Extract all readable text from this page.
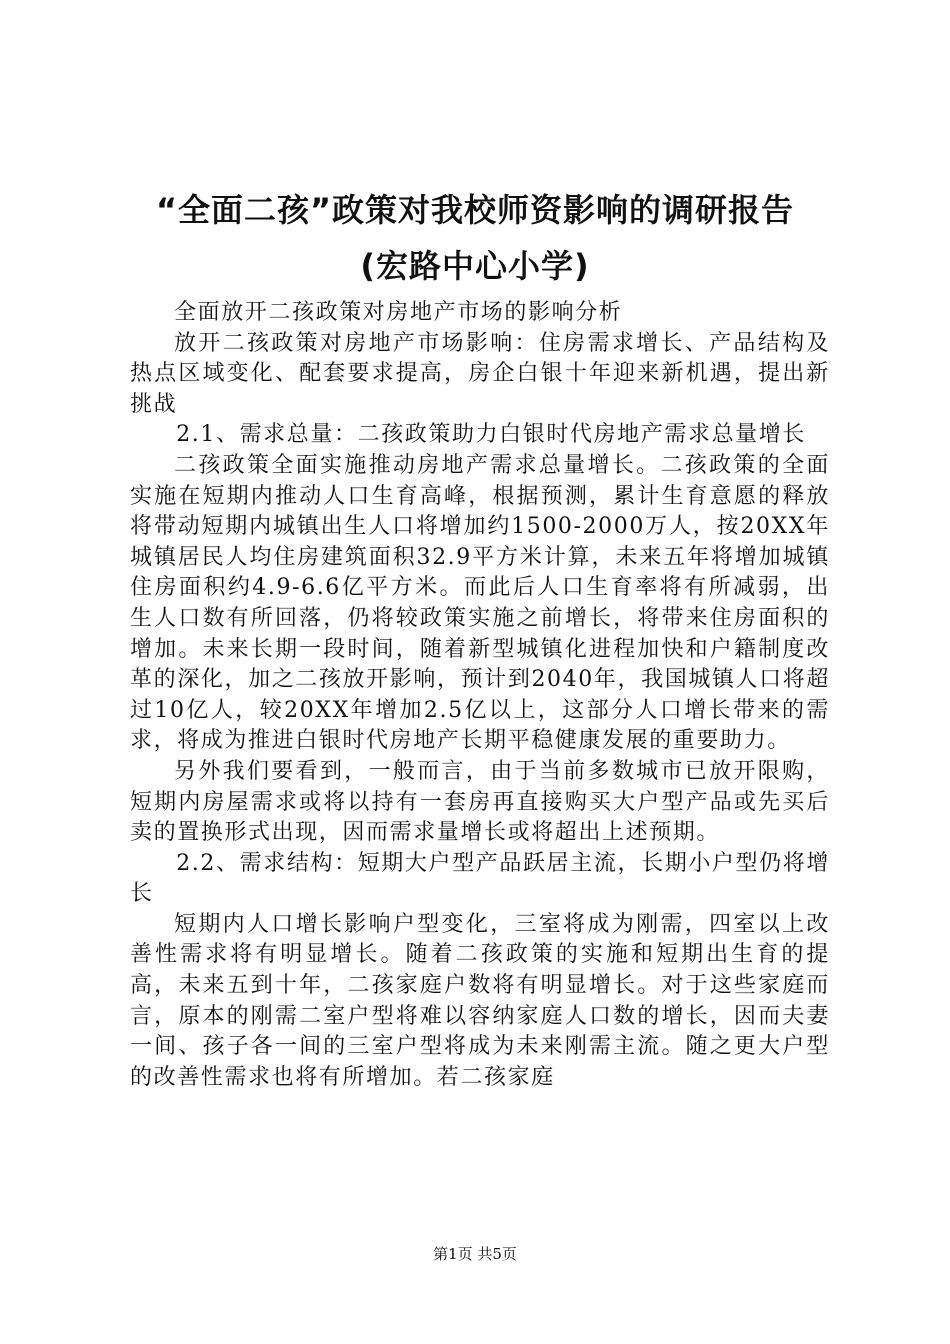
“全面二孩”政策对我校师资影响的调研报告
(宏路中心小学)

全面放开二孩政策对房地产市场的影响分析

放开二孩政策对房地产市场影响：住房需求增长、产品结构及热点区域变化、配套要求提高，房企白银十年迎来新机遇，提出新挑战

2.1、需求总量：二孩政策助力白银时代房地产需求总量增长

二孩政策全面实施推动房地产需求总量增长。二孩政策的全面实施在短期内推动人口生育高峰，根据预测，累计生育意愿的释放将带动短期内城镇出生人口将增加约1500-2000万人，按20XX年城镇居民人均住房建筑面积32.9平方米计算，未来五年将增加城镇住房面积约4.9-6.6亿平方米。而此后人口生育率将有所减弱，出生人口数有所回落，仍将较政策实施之前增长，将带来住房面积的增加。未来长期一段时间，随着新型城镇化进程加快和户籍制度改革的深化，加之二孩放开影响，预计到2040年，我国城镇人口将超过10亿人，较20XX年增加2.5亿以上，这部分人口增长带来的需求，将成为推进白银时代房地产长期平稳健康发展的重要助力。

另外我们要看到，一般而言，由于当前多数城市已放开限购，短期内房屋需求或将以持有一套房再直接购买大户型产品或先买后卖的置换形式出现，因而需求量增长或将超出上述预期。

2.2、需求结构：短期大户型产品跃居主流，长期小户型仍将增长

短期内人口增长影响户型变化，三室将成为刚需，四室以上改善性需求将有明显增长。随着二孩政策的实施和短期出生育的提高，未来五到十年，二孩家庭户数将有明显增长。对于这些家庭而言，原本的刚需二室户型将难以容纳家庭人口数的增长，因而夫妻一间、孩子各一间的三室户型将成为未来刚需主流。随之更大户型的改善性需求也将有所增加。若二孩家庭

第1页 共5页
